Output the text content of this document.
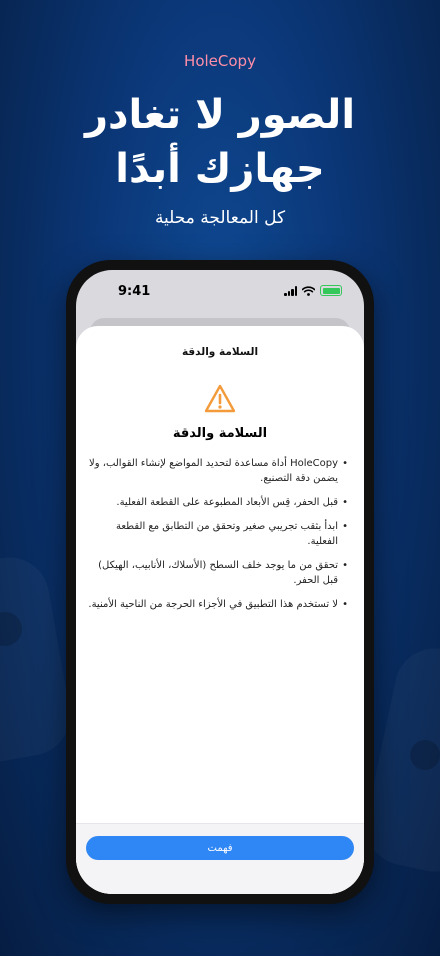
HoleCopy
الصور لا تغادر
جهازك أبدًا
كل المعالجة محلية
9:41
السلامة والدقة
السلامة والدقة
• HoleCopy أداة مساعدة لتحديد المواضع لإنشاء القوالب، ولا يضمن دقة التصنيع.
• قبل الحفر، قِس الأبعاد المطبوعة على القطعة الفعلية.
• ابدأ بثقب تجريبي صغير وتحقق من التطابق مع القطعة الفعلية.
• تحقق من ما يوجد خلف السطح (الأسلاك، الأنابيب، الهيكل) قبل الحفر.
• لا تستخدم هذا التطبيق في الأجزاء الحرجة من الناحية الأمنية.
فهمت
